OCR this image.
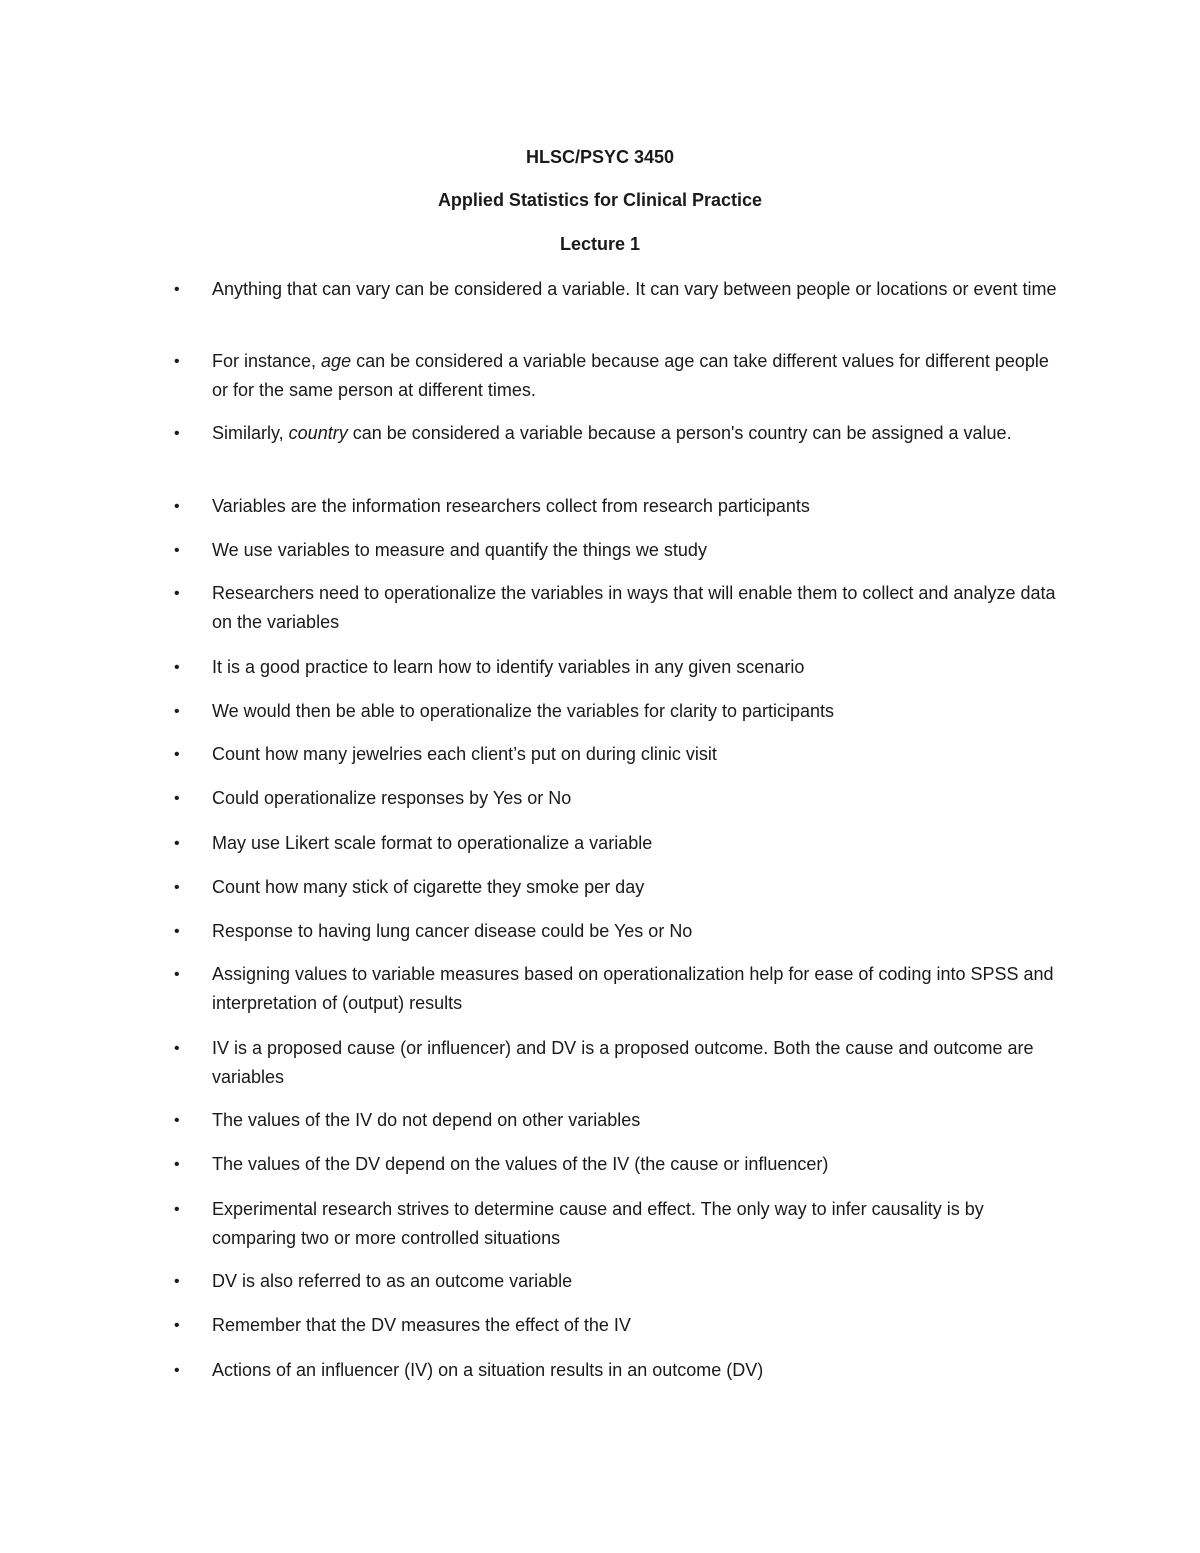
HLSC/PSYC 3450
Applied Statistics for Clinical Practice
Lecture 1
• Anything that can vary can be considered a variable. It can vary between people or locations or event time
• For instance, age can be considered a variable because age can take different values for different people or for the same person at different times.
• Similarly, country can be considered a variable because a person's country can be assigned a value.
• Variables are the information researchers collect from research participants
• We use variables to measure and quantify the things we study
• Researchers need to operationalize the variables in ways that will enable them to collect and analyze data on the variables
• It is a good practice to learn how to identify variables in any given scenario
• We would then be able to operationalize the variables for clarity to participants
• Count how many jewelries each client’s put on during clinic visit
• Could operationalize responses by Yes or No
• May use Likert scale format to operationalize a variable
• Count how many stick of cigarette they smoke per day
• Response to having lung cancer disease could be Yes or No
• Assigning values to variable measures based on operationalization help for ease of coding into SPSS and interpretation of (output) results
• IV is a proposed cause (or influencer) and DV is a proposed outcome. Both the cause and outcome are variables
• The values of the IV do not depend on other variables
• The values of the DV depend on the values of the IV (the cause or influencer)
• Experimental research strives to determine cause and effect. The only way to infer causality is by comparing two or more controlled situations
• DV is also referred to as an outcome variable
• Remember that the DV measures the effect of the IV
• Actions of an influencer (IV) on a situation results in an outcome (DV)
